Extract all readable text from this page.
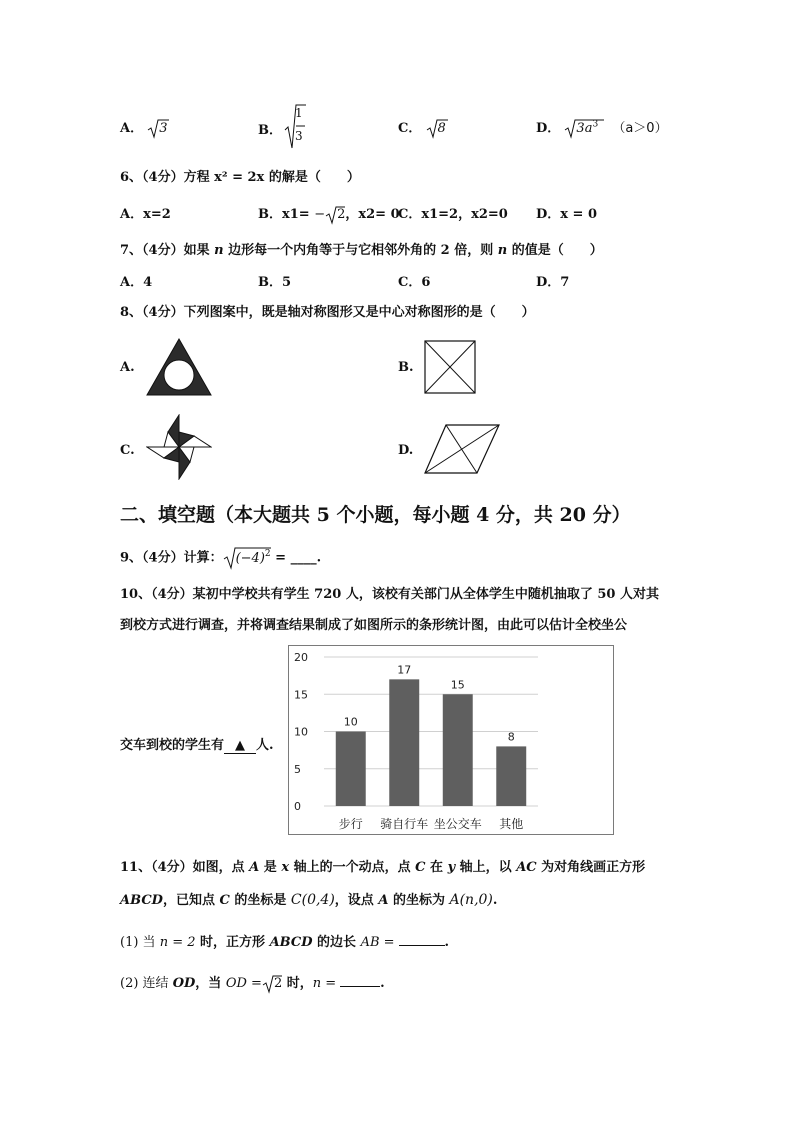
A． 3	B．
1
3	C． 8	D． $3a^3$ （a＞0）
6、（4分）方程 x² = 2x 的解是（　　）
A．x=2	B．x1= − 2，x2= 0
C．x1=2，x2=0 D．x = 0
7、（4分）如果 n 边形每一个内角等于与它相邻外角的 2 倍，则 n 的值是（　　）
A．4	B．5	C．6	D．7
8、（4分）下列图案中，既是轴对称图形又是中心对称图形的是（　　）
A.	B.
C.	D.
二、填空题（本大题共 5 个小题，每小题 4 分，共 20 分）
9、（4分）计算： $(-4)^2$ = ____.
10、（4分）某初中学校共有学生 720 人，该校有关部门从全体学生中随机抽取了 50 人对其
到校方式进行调查，并将调查结果制成了如图所示的条形统计图，由此可以估计全校坐公
交车到校的学生有 ▲ 人.
0
5
10
15
20
10
17
15
8
步行 骑自行车 坐公交车 其他
11、（4分）如图，点 A 是 x 轴上的一个动点，点 C 在 y 轴上，以 AC 为对角线画正方形
ABCD，已知点 C 的坐标是 C(0,4)，设点 A 的坐标为 A(n,0).
(1) 当 n = 2 时，正方形 ABCD 的边长 AB =	.
(2) 连结 OD，当 OD = 2 时，n =	.
